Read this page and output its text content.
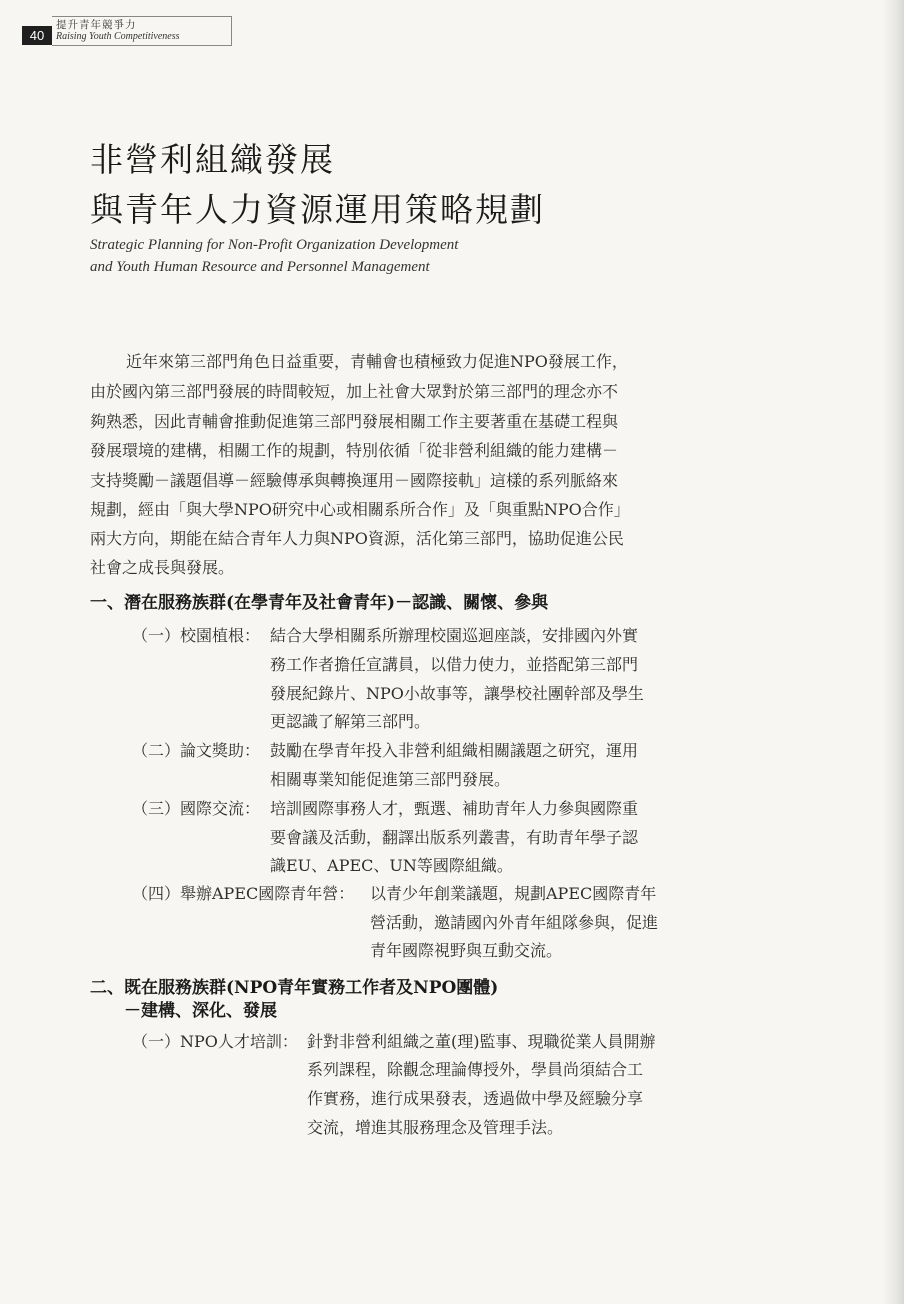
40
提升青年競爭力
Raising Youth Competitiveness
非營利組織發展
與青年人力資源運用策略規劃
Strategic Planning for Non-Profit Organization Development
and Youth Human Resource and Personnel Management
近年來第三部門角色日益重要，青輔會也積極致力促進NPO發展工作，
由於國內第三部門發展的時間較短，加上社會大眾對於第三部門的理念亦不
夠熟悉，因此青輔會推動促進第三部門發展相關工作主要著重在基礎工程與
發展環境的建構，相關工作的規劃，特別依循「從非營利組織的能力建構－
支持獎勵－議題倡導－經驗傳承與轉換運用－國際接軌」這樣的系列脈絡來
規劃，經由「與大學NPO研究中心或相關系所合作」及「與重點NPO合作」
兩大方向，期能在結合青年人力與NPO資源，活化第三部門，協助促進公民
社會之成長與發展。
一、潛在服務族群(在學青年及社會青年)－認識、關懷、參與
（一）校園植根： 結合大學相關系所辦理校園巡迴座談，安排國內外實
務工作者擔任宣講員，以借力使力，並搭配第三部門
發展紀錄片、NPO小故事等，讓學校社團幹部及學生
更認識了解第三部門。
（二）論文獎助： 鼓勵在學青年投入非營利組織相關議題之研究，運用
相關專業知能促進第三部門發展。
（三）國際交流： 培訓國際事務人才，甄選、補助青年人力參與國際重
要會議及活動，翻譯出版系列叢書，有助青年學子認
識EU、APEC、UN等國際組織。
（四）舉辦APEC國際青年營： 以青少年創業議題，規劃APEC國際青年
營活動，邀請國內外青年組隊參與，促進
青年國際視野與互動交流。
二、既在服務族群(NPO青年實務工作者及NPO團體)
－建構、深化、發展
（一）NPO人才培訓： 針對非營利組織之董(理)監事、現職從業人員開辦
系列課程，除觀念理論傳授外，學員尚須結合工
作實務，進行成果發表，透過做中學及經驗分享
交流，增進其服務理念及管理手法。
